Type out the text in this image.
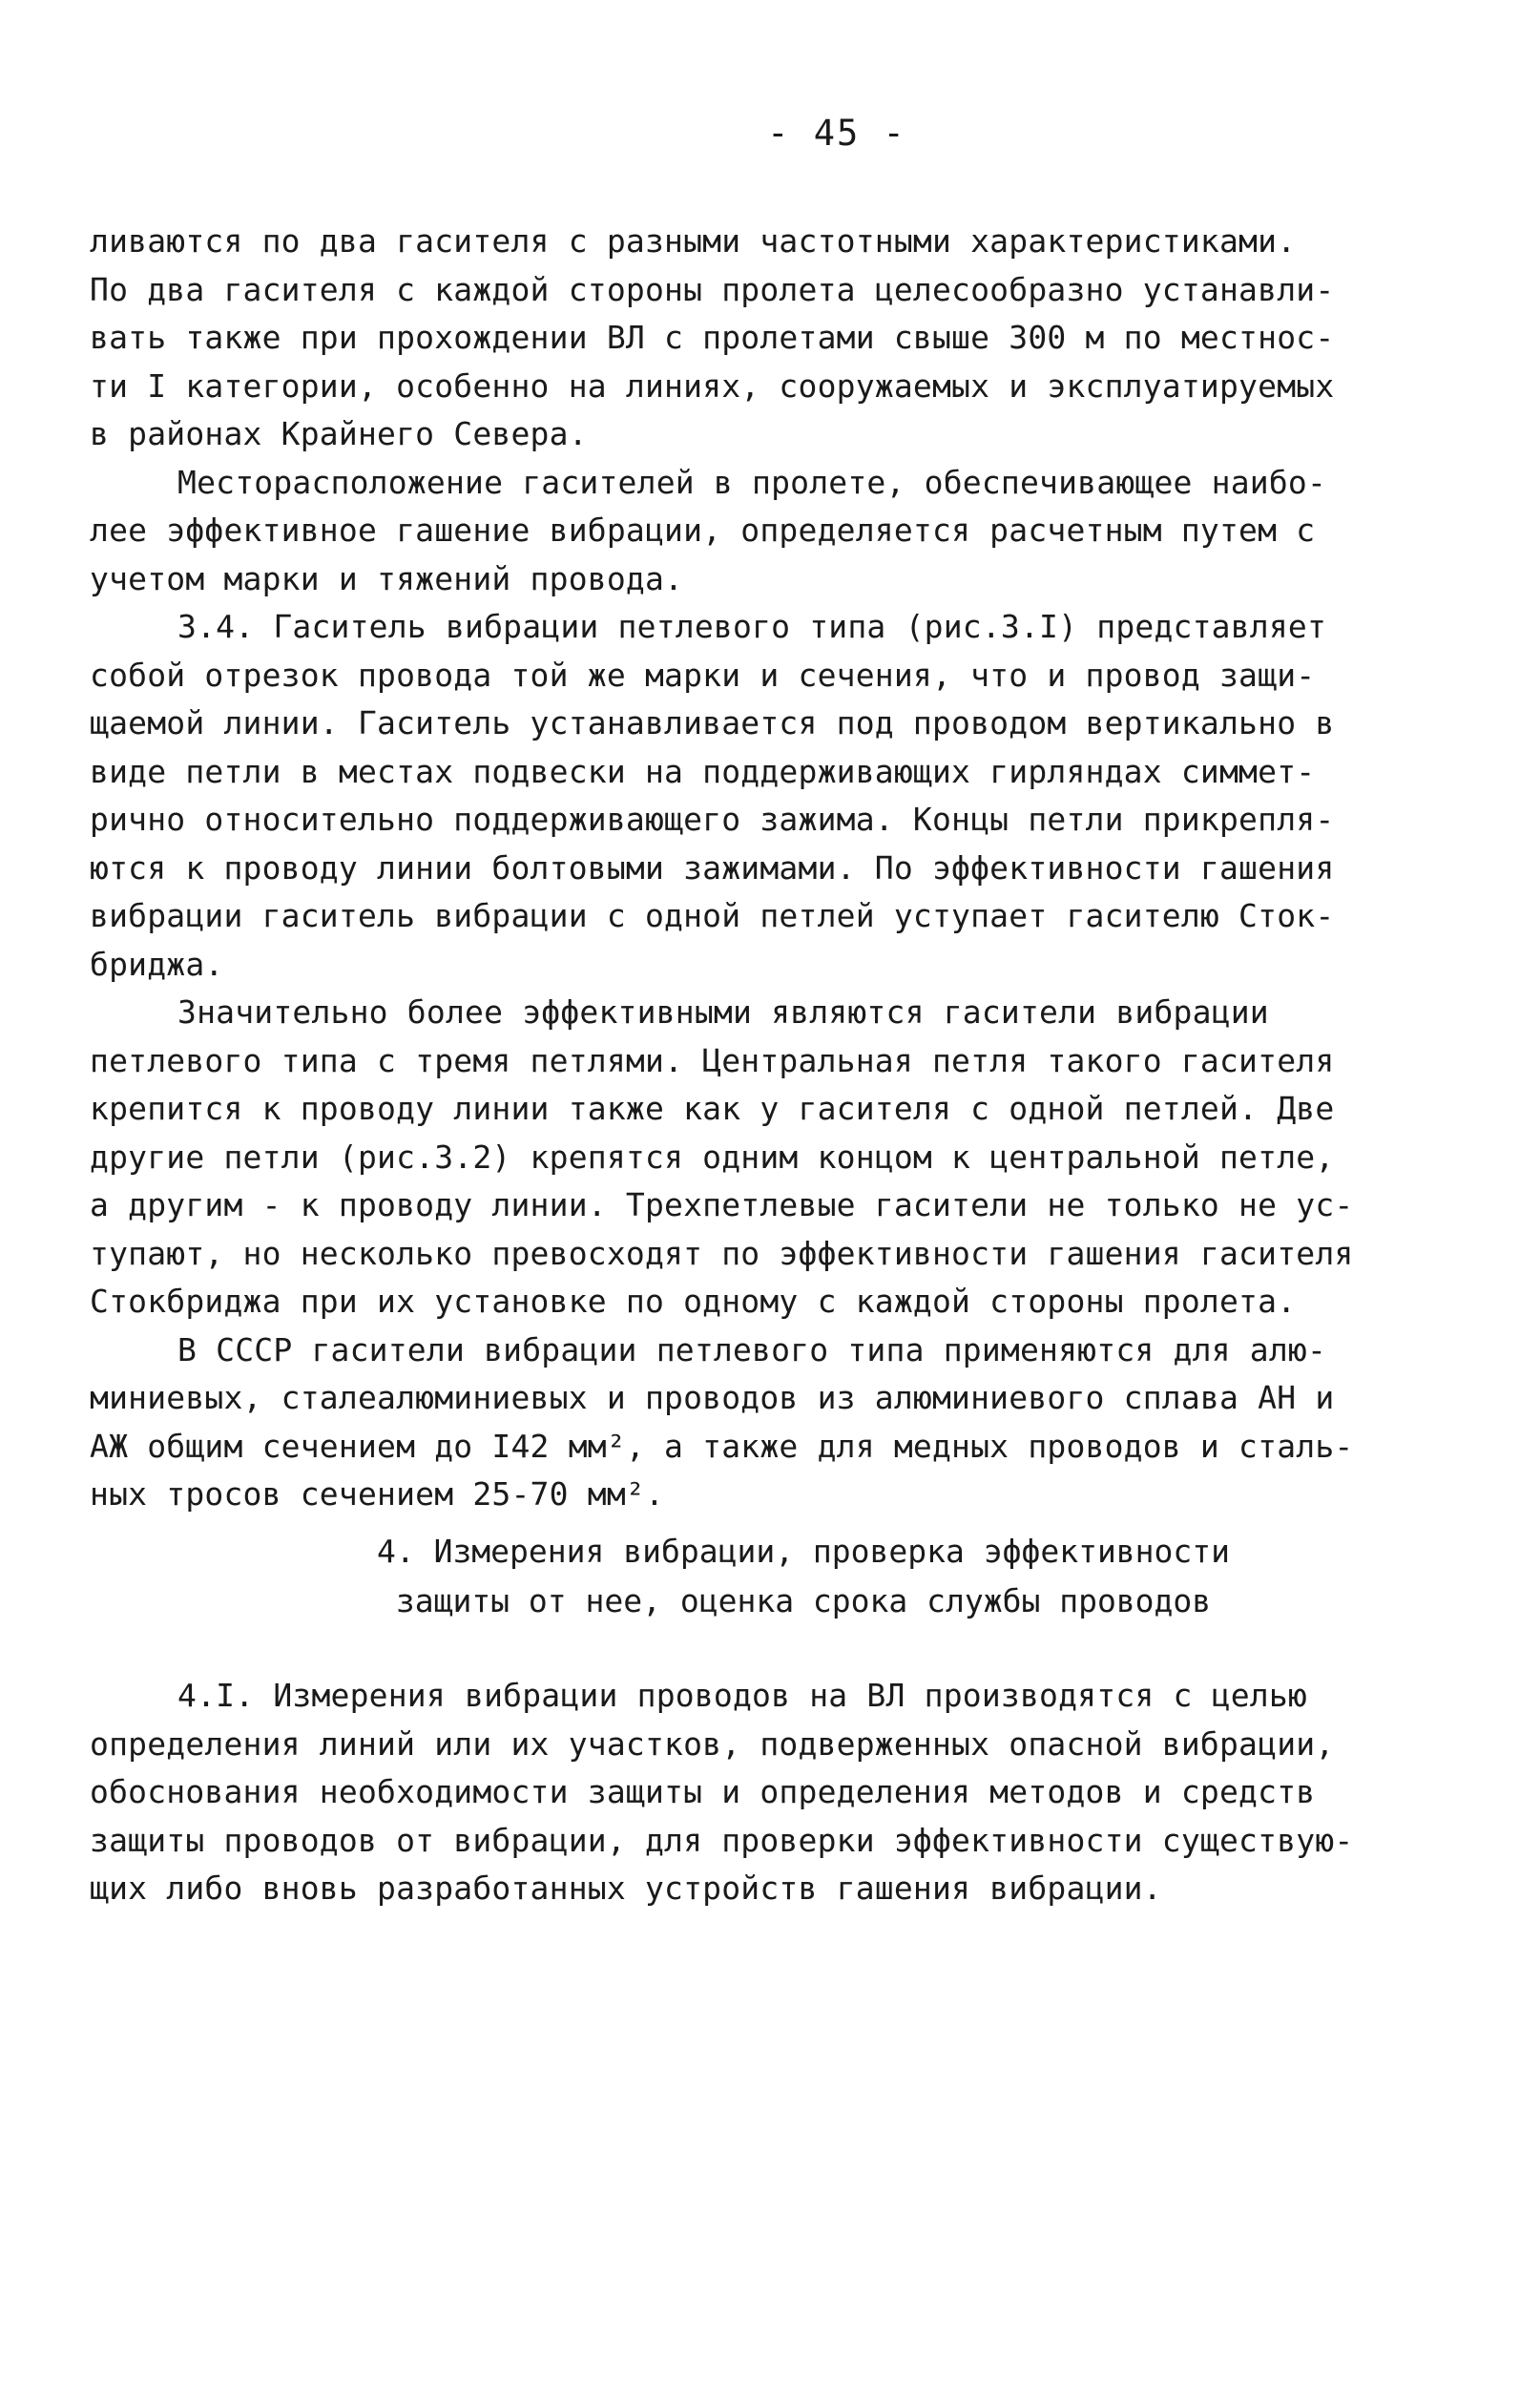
- 45 -
ливаются по два гасителя с разными частотными характеристиками.
По два гасителя с каждой стороны пролета целесообразно устанавли-
вать также при прохождении ВЛ с пролетами свыше 300 м по местнос-
ти I категории, особенно на линиях, сооружаемых и эксплуатируемых
в районах Крайнего Севера.
Месторасположение гасителей в пролете, обеспечивающее наибо-
лее эффективное гашение вибрации, определяется расчетным путем с
учетом марки и тяжений провода.
3.4. Гаситель вибрации петлевого типа (рис.3.I) представляет
собой отрезок провода той же марки и сечения, что и провод защи-
щаемой линии. Гаситель устанавливается под проводом вертикально в
виде петли в местах подвески на поддерживающих гирляндах симмет-
рично относительно поддерживающего зажима. Концы петли прикрепля-
ются к проводу линии болтовыми зажимами. По эффективности гашения
вибрации гаситель вибрации с одной петлей уступает гасителю Сток-
бриджа.
Значительно более эффективными являются гасители вибрации
петлевого типа с тремя петлями. Центральная петля такого гасителя
крепится к проводу линии также как у гасителя с одной петлей. Две
другие петли (рис.3.2) крепятся одним концом к центральной петле,
а другим - к проводу линии. Трехпетлевые гасители не только не ус-
тупают, но несколько превосходят по эффективности гашения гасителя
Стокбриджа при их установке по одному с каждой стороны пролета.
В СССР гасители вибрации петлевого типа применяются для алю-
миниевых, сталеалюминиевых и проводов из алюминиевого сплава АН и
АЖ общим сечением до I42 мм², а также для медных проводов и сталь-
ных тросов сечением 25-70 мм².
4. Измерения вибрации, проверка эффективности
защиты от нее, оценка срока службы проводов
4.I. Измерения вибрации проводов на ВЛ производятся с целью
определения линий или их участков, подверженных опасной вибрации,
обоснования необходимости защиты и определения методов и средств
защиты проводов от вибрации, для проверки эффективности существую-
щих либо вновь разработанных устройств гашения вибрации.
